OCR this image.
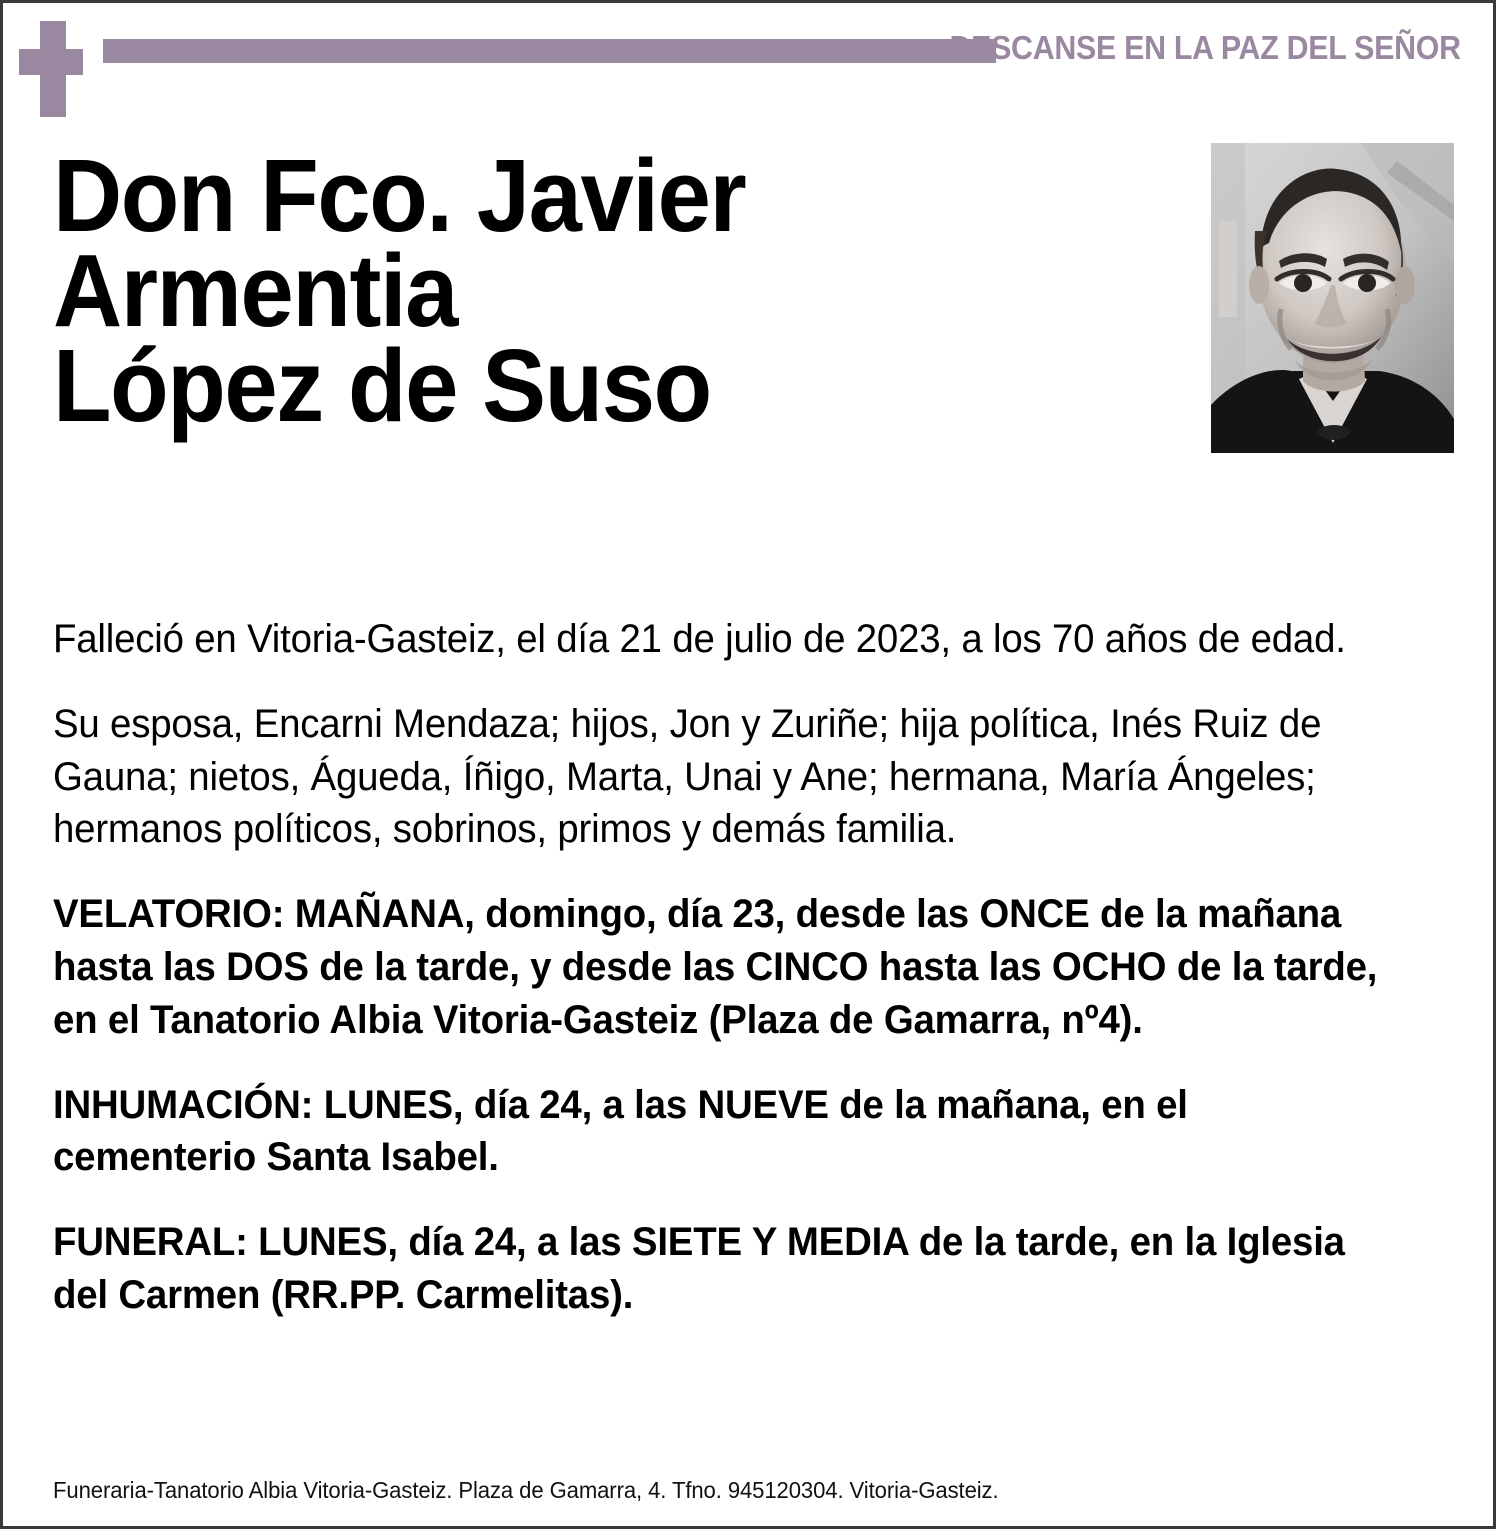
DESCANSE EN LA PAZ DEL SEÑOR
Don Fco. Javier
Armentia
López de Suso

Falleció en Vitoria-Gasteiz, el día 21 de julio de 2023, a los 70 años de edad.

Su esposa, Encarni Mendaza; hijos, Jon y Zuriñe; hija política, Inés Ruiz de Gauna; nietos, Águeda, Íñigo, Marta, Unai y Ane; hermana, María Ángeles; hermanos políticos, sobrinos, primos y demás familia.

VELATORIO: MAÑANA, domingo, día 23, desde las ONCE de la mañana hasta las DOS de la tarde, y desde las CINCO hasta las OCHO de la tarde, en el Tanatorio Albia Vitoria-Gasteiz (Plaza de Gamarra, nº4).

INHUMACIÓN: LUNES, día 24, a las NUEVE de la mañana, en el cementerio Santa Isabel.

FUNERAL: LUNES, día 24, a las SIETE Y MEDIA de la tarde, en la Iglesia del Carmen (RR.PP. Carmelitas).

Funeraria-Tanatorio Albia Vitoria-Gasteiz. Plaza de Gamarra, 4. Tfno. 945120304. Vitoria-Gasteiz.
